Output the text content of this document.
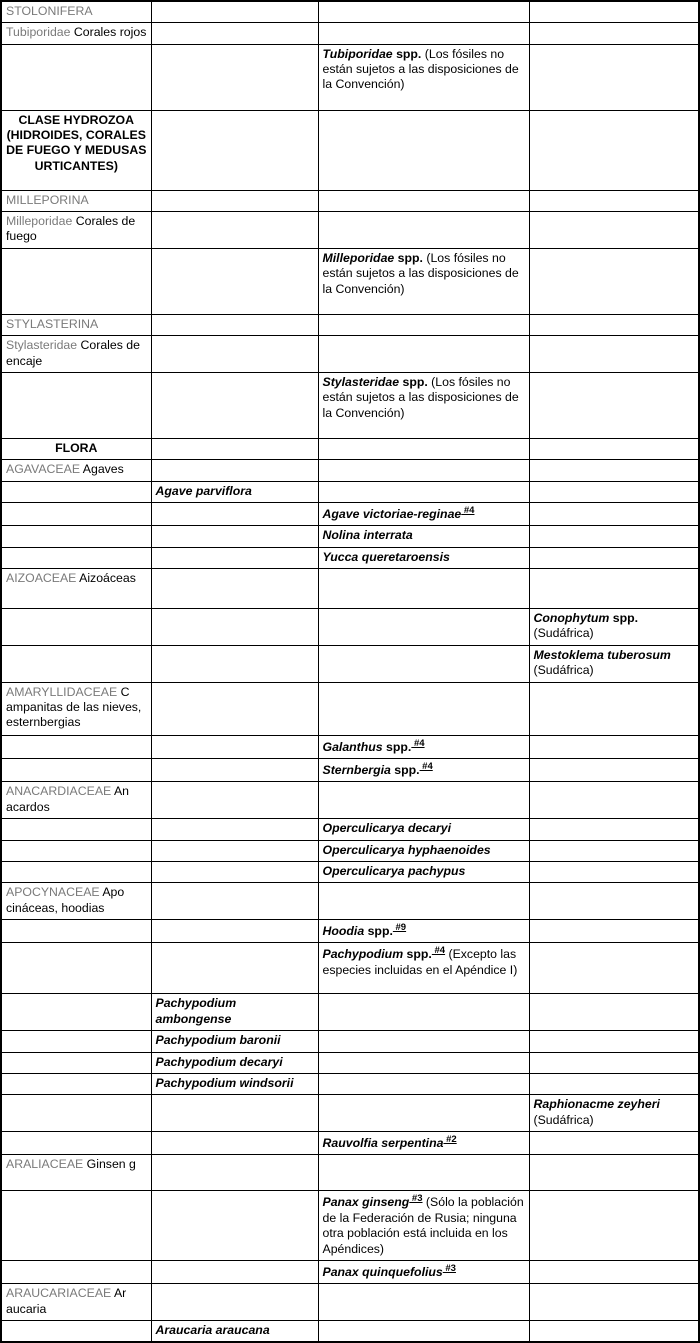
STOLONIFERA			
Tubiporidae Corales rojos			
		Tubiporidae spp. (Los fósiles no están sujetos a las disposiciones de la Convención)	
CLASE HYDROZOA (HIDROIDES, CORALES DE FUEGO Y MEDUSAS URTICANTES)			
MILLEPORINA			
Milleporidae Corales de fuego			
		Milleporidae spp. (Los fósiles no están sujetos a las disposiciones de la Convención)	
STYLASTERINA			
Stylasteridae Corales de encaje			
		Stylasteridae spp. (Los fósiles no están sujetos a las disposiciones de la Convención)	
FLORA			
AGAVACEAE Agaves			
	Agave parviflora		
		Agave victoriae-reginae $^{\#4}$	
		Nolina interrata	
		Yucca queretaroensis	
AIZOACEAE Aizoáceas			
			Conophytum spp. (Sudáfrica)
			Mestoklema tuberosum (Sudáfrica)
AMARYLLIDACEAE C ampanitas de las nieves, esternbergias			
		Galanthus spp. $^{\#4}$	
		Sternbergia spp. $^{\#4}$	
ANACARDIACEAE An acardos			
		Operculicarya decaryi	
		Operculicarya hyphaenoides	
		Operculicarya pachypus	
APOCYNACEAE Apo cináceas, hoodias			
		Hoodia spp. $^{\#9}$	
		Pachypodium spp. $^{\#4}$ (Excepto las especies incluidas en el Apéndice I)	
	Pachypodium ambongense		
	Pachypodium baronii		
	Pachypodium decaryi		
	Pachypodium windsorii		
			Raphionacme zeyheri (Sudáfrica)
		Rauvolfia serpentina $^{\#2}$	
ARALIACEAE Ginsen g			
		Panax ginseng $^{\#3}$ (Sólo la población de la Federación de Rusia; ninguna otra población está incluida en los Apéndices)	
		Panax quinquefolius $^{\#3}$	
ARAUCARIACEAE Ar aucaria			
	Araucaria araucana		
